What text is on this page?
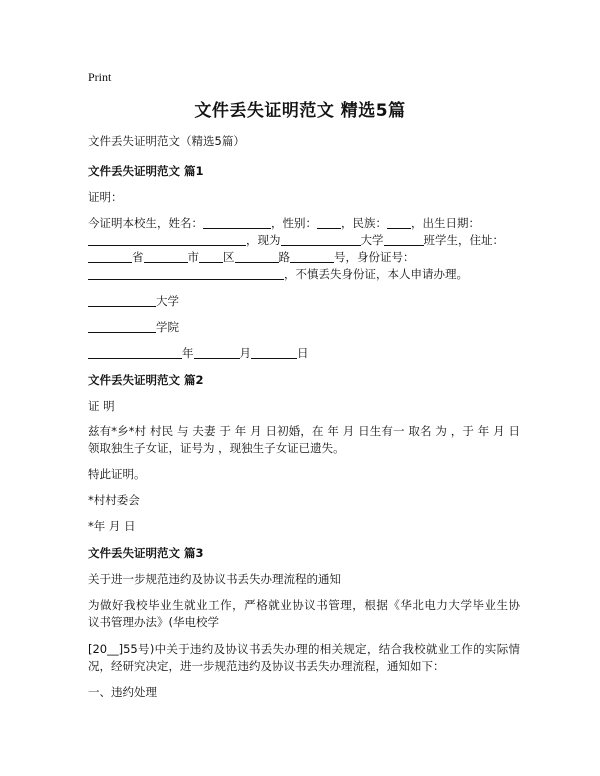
Print
文件丢失证明范文 精选5篇
文件丢失证明范文（精选5篇）
文件丢失证明范文 篇1
证明：
今证明本校生，姓名：	，性别： ，民族： ，出生日期：
，现为	大学	班学生，住址：
省	市 区	路	号，身份证号：
，不慎丢失身份证，本人申请办理。
大学
学院
年	月	日
文件丢失证明范文 篇2
证 明
兹有*乡*村 村民 与 夫妻 于 年 月 日初婚，在 年 月 日生有一 取名 为 ，于 年 月 日
领取独生子女证，证号为 ，现独生子女证已遗失。
特此证明。
*村村委会
*年 月 日
文件丢失证明范文 篇3
关于进一步规范违约及协议书丢失办理流程的通知
为做好我校毕业生就业工作，严格就业协议书管理，根据《华北电力大学毕业生协
议书管理办法》(华电校学
[20__]55号)中关于违约及协议书丢失办理的相关规定，结合我校就业工作的实际情
况，经研究决定，进一步规范违约及协议书丢失办理流程，通知如下：
一、违约处理
